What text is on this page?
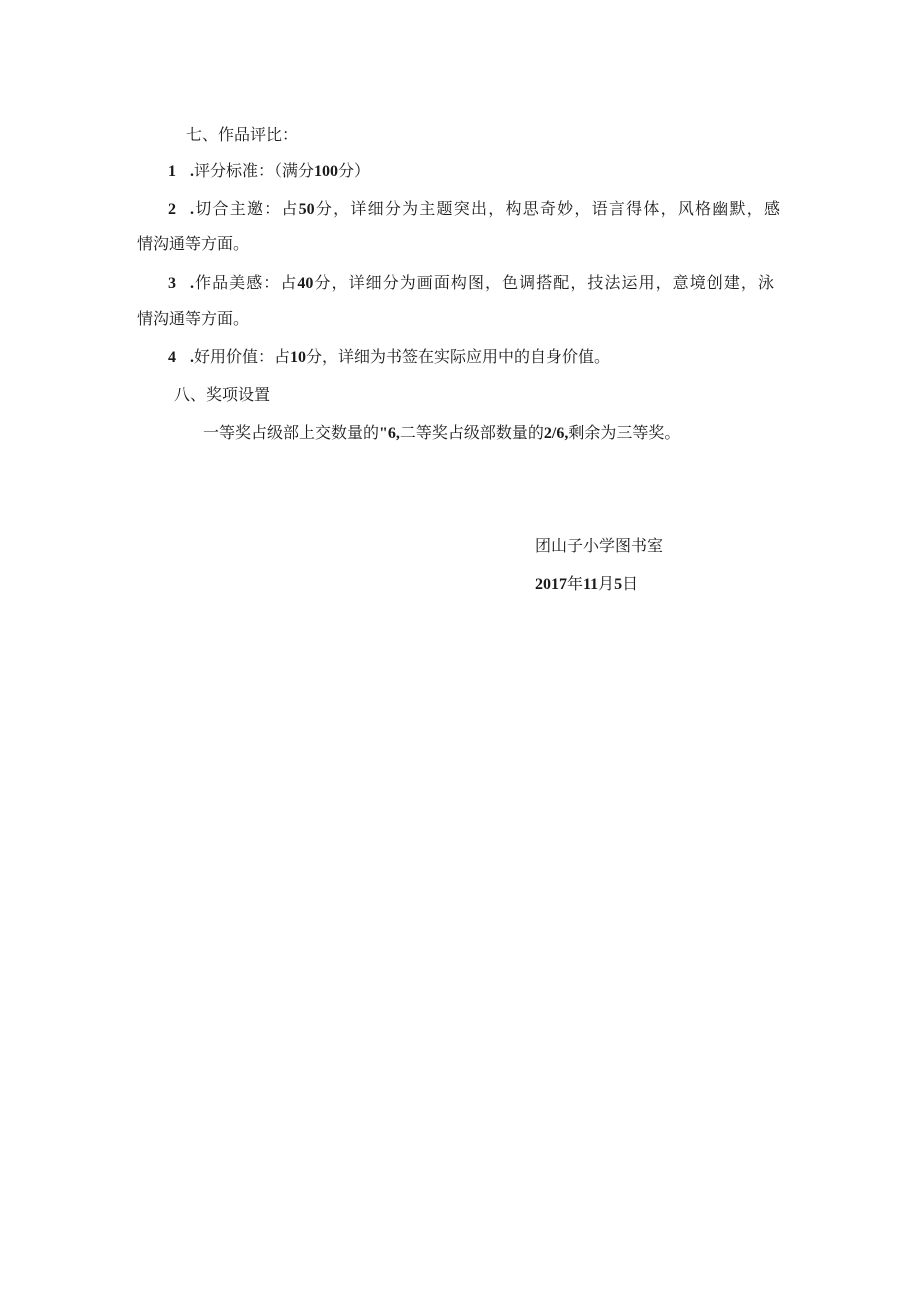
七、作品评比：
1 .评分标准：（满分100分）
2 .切合主邀：占50分，详细分为主题突出，构思奇妙，语言得体，风格幽默，感
情沟通等方面。
3 .作品美感：占40分，详细分为画面构图，色调搭配，技法运用，意境创建，泳
情沟通等方面。
4 .好用价值：占10分，详细为书签在实际应用中的自身价值。
八、奖项设置
一等奖占级部上交数量的"6,二等奖占级部数量的2/6,剩余为三等奖。
团山子小学图书室
2017年11月5日
